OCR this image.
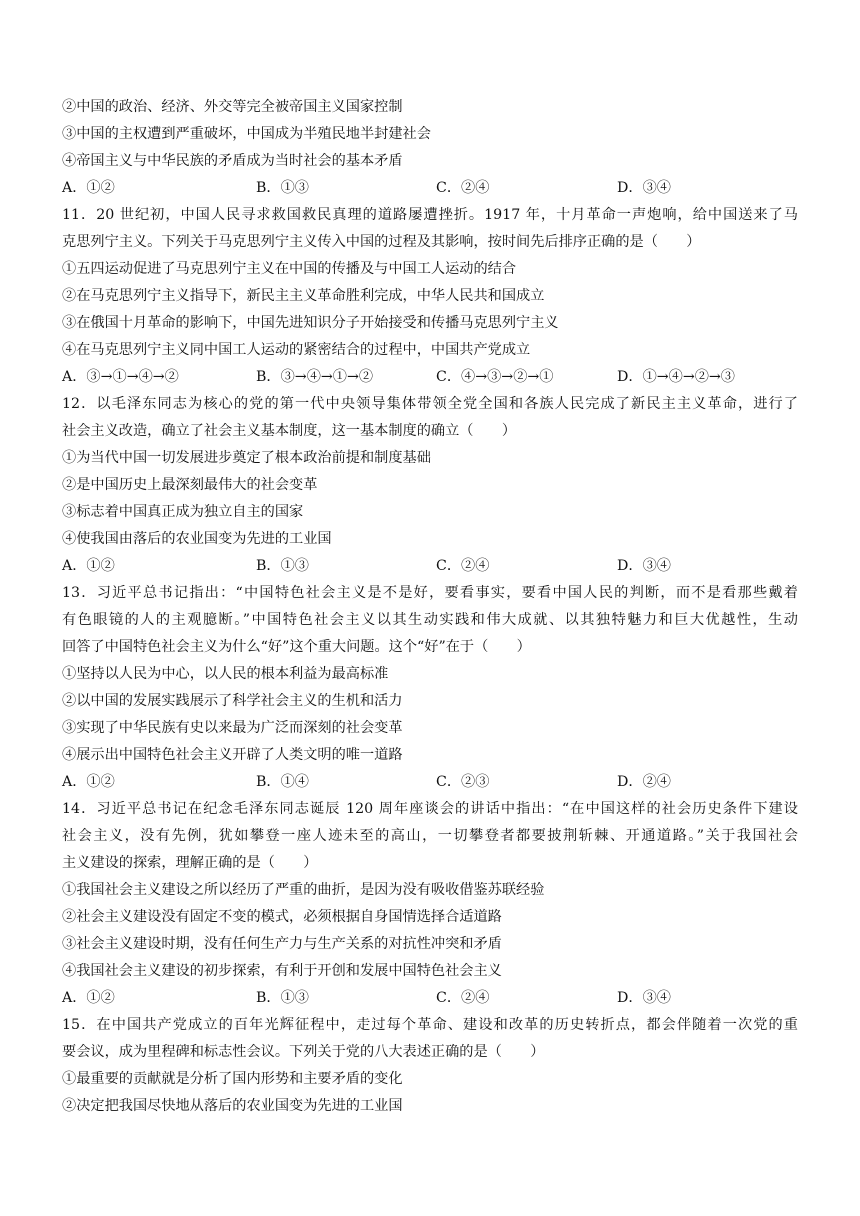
②中国的政治、经济、外交等完全被帝国主义国家控制
③中国的主权遭到严重破坏，中国成为半殖民地半封建社会
④帝国主义与中华民族的矛盾成为当时社会的基本矛盾
A．①②	B．①③	C．②④	D．③④
11．20 世纪初，中国人民寻求救国救民真理的道路屡遭挫折。1917 年，十月革命一声炮响，给中国送来了马
克思列宁主义。下列关于马克思列宁主义传入中国的过程及其影响，按时间先后排序正确的是（　　）
①五四运动促进了马克思列宁主义在中国的传播及与中国工人运动的结合
②在马克思列宁主义指导下，新民主主义革命胜利完成，中华人民共和国成立
③在俄国十月革命的影响下，中国先进知识分子开始接受和传播马克思列宁主义
④在马克思列宁主义同中国工人运动的紧密结合的过程中，中国共产党成立
A．③→①→④→②	B．③→④→①→②	C．④→③→②→①	D．①→④→②→③
12．以毛泽东同志为核心的党的第一代中央领导集体带领全党全国和各族人民完成了新民主主义革命，进行了
社会主义改造，确立了社会主义基本制度，这一基本制度的确立（　　）
①为当代中国一切发展进步奠定了根本政治前提和制度基础
②是中国历史上最深刻最伟大的社会变革
③标志着中国真正成为独立自主的国家
④使我国由落后的农业国变为先进的工业国
A．①②	B．①③	C．②④	D．③④
13．习近平总书记指出：“中国特色社会主义是不是好，要看事实，要看中国人民的判断，而不是看那些戴着
有色眼镜的人的主观臆断。”中国特色社会主义以其生动实践和伟大成就、以其独特魅力和巨大优越性，生动
回答了中国特色社会主义为什么“好”这个重大问题。这个“好”在于（　　）
①坚持以人民为中心，以人民的根本利益为最高标准
②以中国的发展实践展示了科学社会主义的生机和活力
③实现了中华民族有史以来最为广泛而深刻的社会变革
④展示出中国特色社会主义开辟了人类文明的唯一道路
A．①②	B．①④	C．②③	D．②④
14．习近平总书记在纪念毛泽东同志诞辰 120 周年座谈会的讲话中指出：“在中国这样的社会历史条件下建设
社会主义，没有先例，犹如攀登一座人迹未至的高山，一切攀登者都要披荆斩棘、开通道路。”关于我国社会
主义建设的探索，理解正确的是（　　）
①我国社会主义建设之所以经历了严重的曲折，是因为没有吸收借鉴苏联经验
②社会主义建设没有固定不变的模式，必须根据自身国情选择合适道路
③社会主义建设时期，没有任何生产力与生产关系的对抗性冲突和矛盾
④我国社会主义建设的初步探索，有利于开创和发展中国特色社会主义
A．①②	B．①③	C．②④	D．③④
15．在中国共产党成立的百年光辉征程中，走过每个革命、建设和改革的历史转折点，都会伴随着一次党的重
要会议，成为里程碑和标志性会议。下列关于党的八大表述正确的是（　　）
①最重要的贡献就是分析了国内形势和主要矛盾的变化
②决定把我国尽快地从落后的农业国变为先进的工业国
